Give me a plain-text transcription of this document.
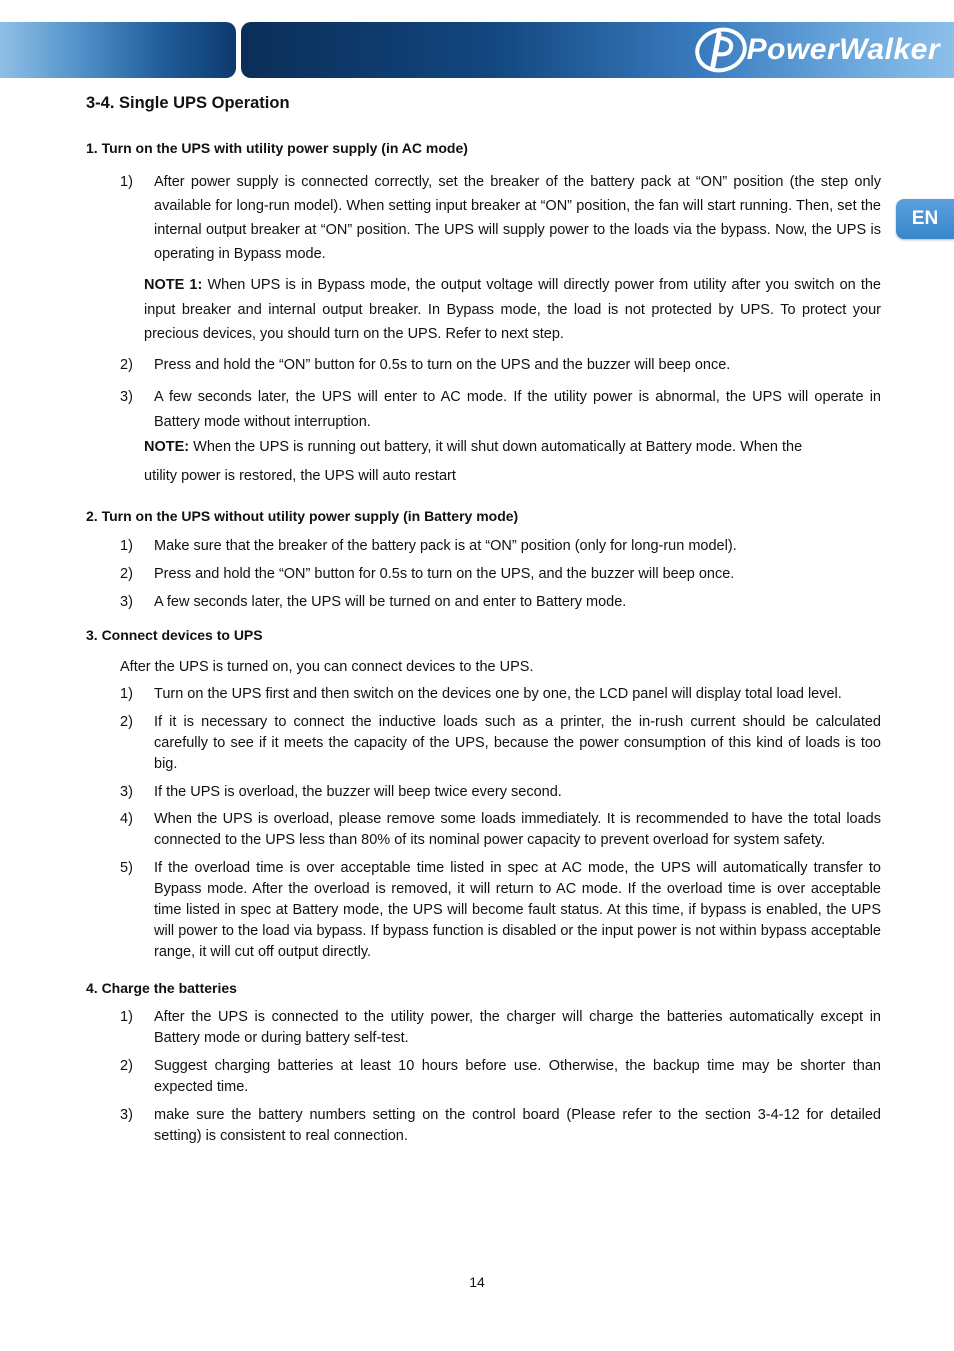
PowerWalker
EN
3-4. Single UPS Operation
1. Turn on the UPS with utility power supply (in AC mode)
1) After power supply is connected correctly, set the breaker of the battery pack at “ON” position (the step only available for long-run model). When setting input breaker at “ON” position, the fan will start running. Then, set the internal output breaker at “ON” position. The UPS will supply power to the loads via the bypass. Now, the UPS is operating in Bypass mode.
NOTE 1: When UPS is in Bypass mode, the output voltage will directly power from utility after you switch on the input breaker and internal output breaker. In Bypass mode, the load is not protected by UPS. To protect your precious devices, you should turn on the UPS. Refer to next step.
2) Press and hold the “ON” button for 0.5s to turn on the UPS and the buzzer will beep once.
3) A few seconds later, the UPS will enter to AC mode. If the utility power is abnormal, the UPS will operate in Battery mode without interruption.
NOTE: When the UPS is running out battery, it will shut down automatically at Battery mode. When the
utility power is restored, the UPS will auto restart
2. Turn on the UPS without utility power supply (in Battery mode)
1) Make sure that the breaker of the battery pack is at “ON” position (only for long-run model).
2) Press and hold the “ON” button for 0.5s to turn on the UPS, and the buzzer will beep once.
3) A few seconds later, the UPS will be turned on and enter to Battery mode.
3. Connect devices to UPS
After the UPS is turned on, you can connect devices to the UPS.
1) Turn on the UPS first and then switch on the devices one by one, the LCD panel will display total load level.
2) If it is necessary to connect the inductive loads such as a printer, the in-rush current should be calculated carefully to see if it meets the capacity of the UPS, because the power consumption of this kind of loads is too big.
3) If the UPS is overload, the buzzer will beep twice every second.
4) When the UPS is overload, please remove some loads immediately. It is recommended to have the total loads connected to the UPS less than 80% of its nominal power capacity to prevent overload for system safety.
5) If the overload time is over acceptable time listed in spec at AC mode, the UPS will automatically transfer to Bypass mode. After the overload is removed, it will return to AC mode. If the overload time is over acceptable time listed in spec at Battery mode, the UPS will become fault status. At this time, if bypass is enabled, the UPS will power to the load via bypass. If bypass function is disabled or the input power is not within bypass acceptable range, it will cut off output directly.
4. Charge the batteries
1) After the UPS is connected to the utility power, the charger will charge the batteries automatically except in Battery mode or during battery self-test.
2) Suggest charging batteries at least 10 hours before use. Otherwise, the backup time may be shorter than expected time.
3) make sure the battery numbers setting on the control board (Please refer to the section 3-4-12 for detailed setting) is consistent to real connection.
14
